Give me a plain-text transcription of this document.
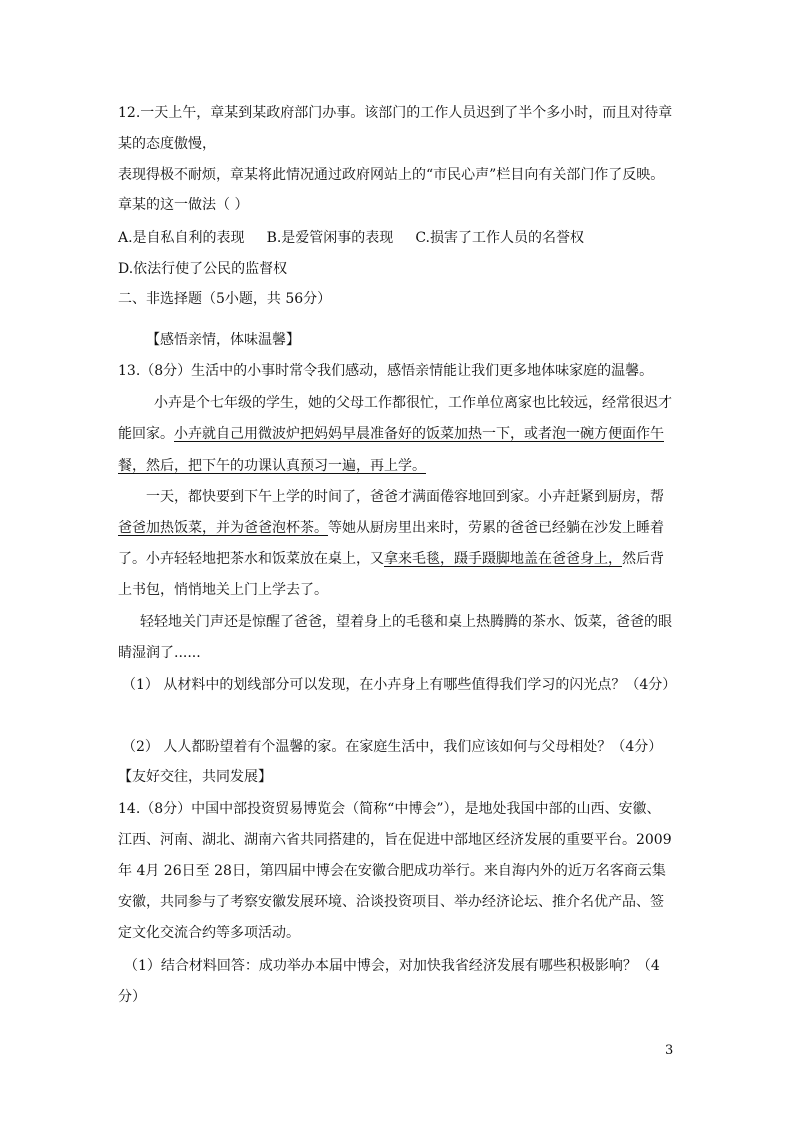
12.一天上午，章某到某政府部门办事。该部门的工作人员迟到了半个多小时，而且对待章
某的态度傲慢，
表现得极不耐烦，章某将此情况通过政府网站上的“市民心声”栏目向有关部门作了反映。
章某的这一做法（ ）
A.是自私自利的表现 B.是爱管闲事的表现 C.损害了工作人员的名誉权
D.依法行使了公民的监督权
二、非选择题（5小题，共 56分）
【感悟亲情，体味温馨】
13.（8分）生活中的小事时常令我们感动，感悟亲情能让我们更多地体味家庭的温馨。
小卉是个七年级的学生，她的父母工作都很忙，工作单位离家也比较远，经常很迟才
能回家。小卉就自己用微波炉把妈妈早晨准备好的饭菜加热一下，或者泡一碗方便面作午
餐，然后，把下午的功课认真预习一遍，再上学。
一天，都快要到下午上学的时间了，爸爸才满面倦容地回到家。小卉赶紧到厨房，帮
爸爸加热饭菜，并为爸爸泡杯茶。等她从厨房里出来时，劳累的爸爸已经躺在沙发上睡着
了。小卉轻轻地把茶水和饭菜放在桌上，又拿来毛毯，蹑手蹑脚地盖在爸爸身上，然后背
上书包，悄悄地关上门上学去了。
轻轻地关门声还是惊醒了爸爸，望着身上的毛毯和桌上热腾腾的茶水、饭菜，爸爸的眼
睛湿润了......
（1） 从材料中的划线部分可以发现，在小卉身上有哪些值得我们学习的闪光点？（4分）
（2） 人人都盼望着有个温馨的家。在家庭生活中，我们应该如何与父母相处？（4分）
【友好交往，共同发展】
14.（8分）中国中部投资贸易博览会（简称“中博会”），是地处我国中部的山西、安徽、
江西、河南、湖北、湖南六省共同搭建的，旨在促进中部地区经济发展的重要平台。2009
年 4月 26日至 28日，第四届中博会在安徽合肥成功举行。来自海内外的近万名客商云集
安徽，共同参与了考察安徽发展环境、洽谈投资项目、举办经济论坛、推介名优产品、签
定文化交流合约等多项活动。
（1）结合材料回答：成功举办本届中博会，对加快我省经济发展有哪些积极影响？（4
分）
3
